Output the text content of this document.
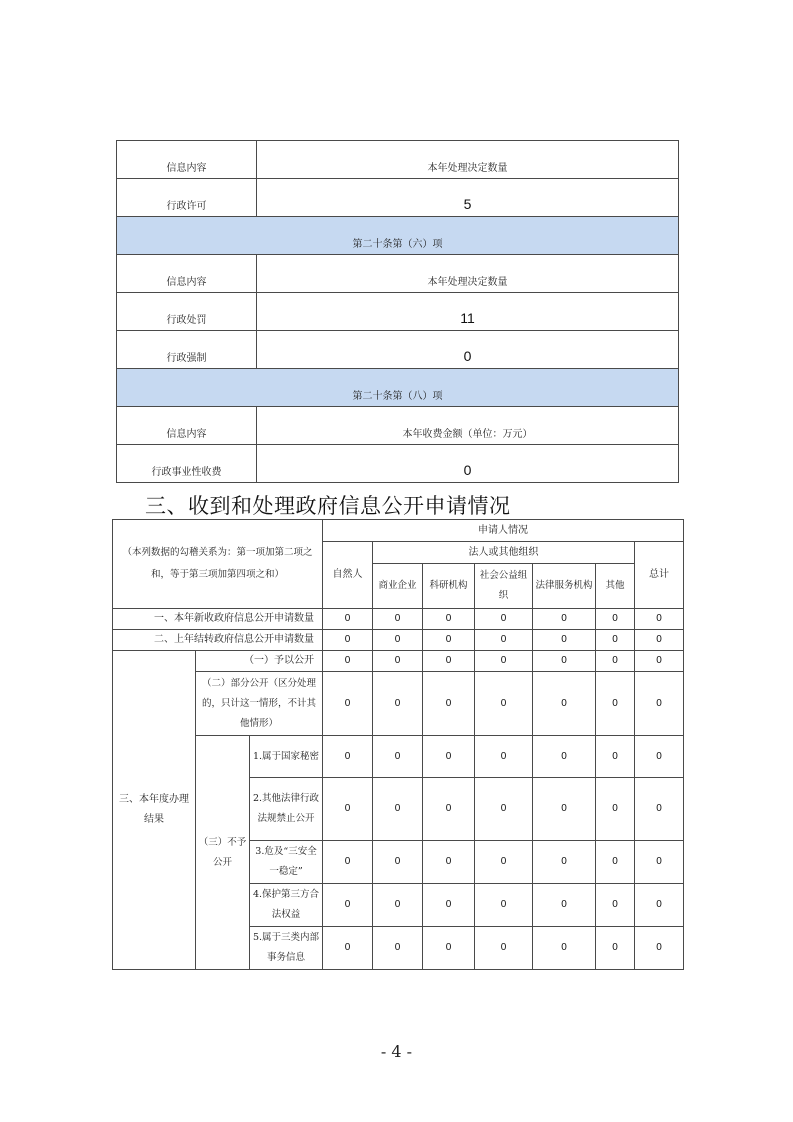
信息内容	本年处理决定数量
行政许可	5
第二十条第（六）项	
信息内容	本年处理决定数量
行政处罚	11
行政强制	0
第二十条第（八）项	
信息内容	本年收费金额（单位：万元）
行政事业性收费	0
三、收到和处理政府信息公开申请情况
（本列数据的勾稽关系为：第一项加第二项之和，等于第三项加第四项之和）			申请人情况						
			自然人	法人或其他组织					总计
				商业企业	科研机构	社会公益组织	法律服务机构	其他	
一、本年新收政府信息公开申请数量			0	0	0	0	0	0	0
二、上年结转政府信息公开申请数量			0	0	0	0	0	0	0
三、本年度办理结果	（一）予以公开		0	0	0	0	0	0	0
	（二）部分公开（区分处理的，只计这一情形，不计其他情形）		0	0	0	0	0	0	0
	（三）不予公开	1.属于国家秘密	0	0	0	0	0	0	0
		2.其他法律行政法规禁止公开	0	0	0	0	0	0	0
		3.危及“三安全一稳定”	0	0	0	0	0	0	0
		4.保护第三方合法权益	0	0	0	0	0	0	0
		5.属于三类内部事务信息	0	0	0	0	0	0	0
- 4 -
